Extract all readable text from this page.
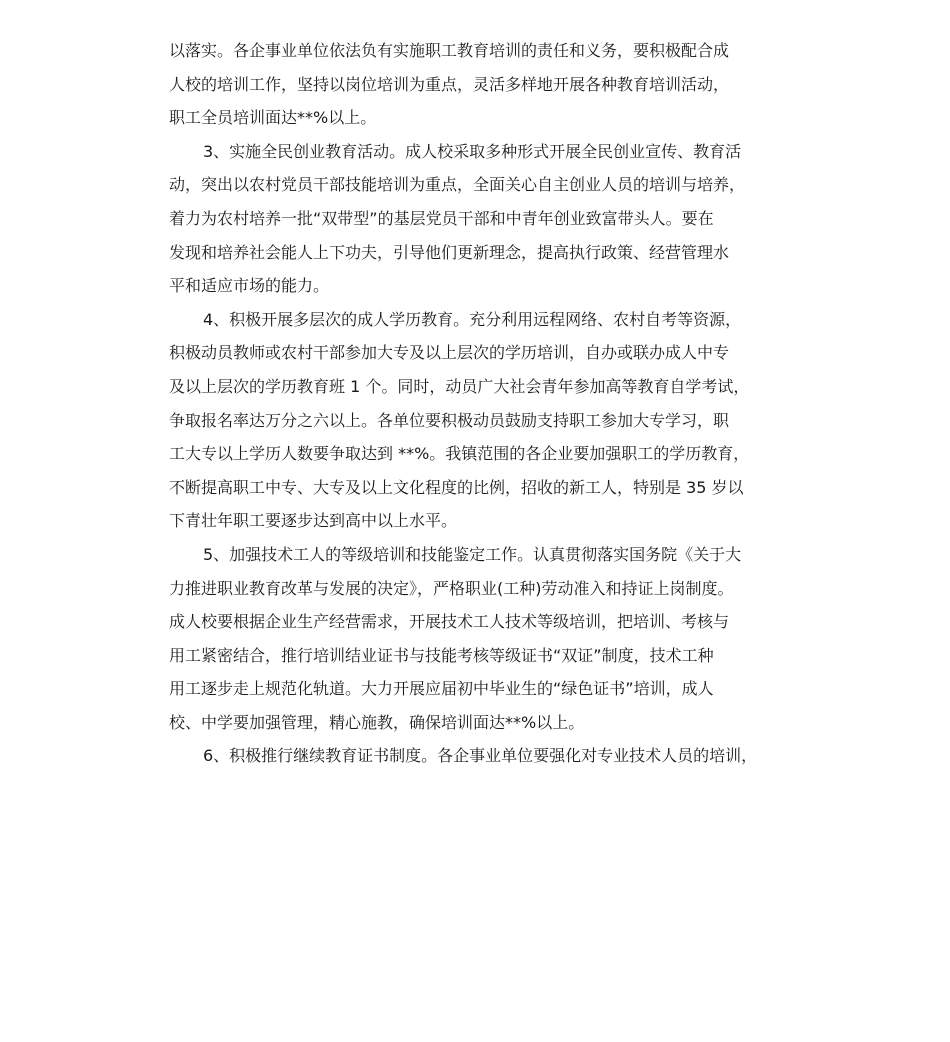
以落实。各企事业单位依法负有实施职工教育培训的责任和义务，要积极配合成
人校的培训工作，坚持以岗位培训为重点，灵活多样地开展各种教育培训活动，
职工全员培训面达**%以上。
3、实施全民创业教育活动。成人校采取多种形式开展全民创业宣传、教育活
动，突出以农村党员干部技能培训为重点，全面关心自主创业人员的培训与培养，
着力为农村培养一批“双带型”的基层党员干部和中青年创业致富带头人。要在
发现和培养社会能人上下功夫，引导他们更新理念，提高执行政策、经营管理水
平和适应市场的能力。
4、积极开展多层次的成人学历教育。充分利用远程网络、农村自考等资源，
积极动员教师或农村干部参加大专及以上层次的学历培训，自办或联办成人中专
及以上层次的学历教育班 1 个。同时，动员广大社会青年参加高等教育自学考试，
争取报名率达万分之六以上。各单位要积极动员鼓励支持职工参加大专学习，职
工大专以上学历人数要争取达到 **%。我镇范围的各企业要加强职工的学历教育，
不断提高职工中专、大专及以上文化程度的比例，招收的新工人，特别是 35 岁以
下青壮年职工要逐步达到高中以上水平。
5、加强技术工人的等级培训和技能鉴定工作。认真贯彻落实国务院《关于大
力推进职业教育改革与发展的决定》，严格职业(工种)劳动准入和持证上岗制度。
成人校要根据企业生产经营需求，开展技术工人技术等级培训，把培训、考核与
用工紧密结合，推行培训结业证书与技能考核等级证书“双证”制度，技术工种
用工逐步走上规范化轨道。大力开展应届初中毕业生的“绿色证书”培训，成人
校、中学要加强管理，精心施教，确保培训面达**%以上。
6、积极推行继续教育证书制度。各企事业单位要强化对专业技术人员的培训，
